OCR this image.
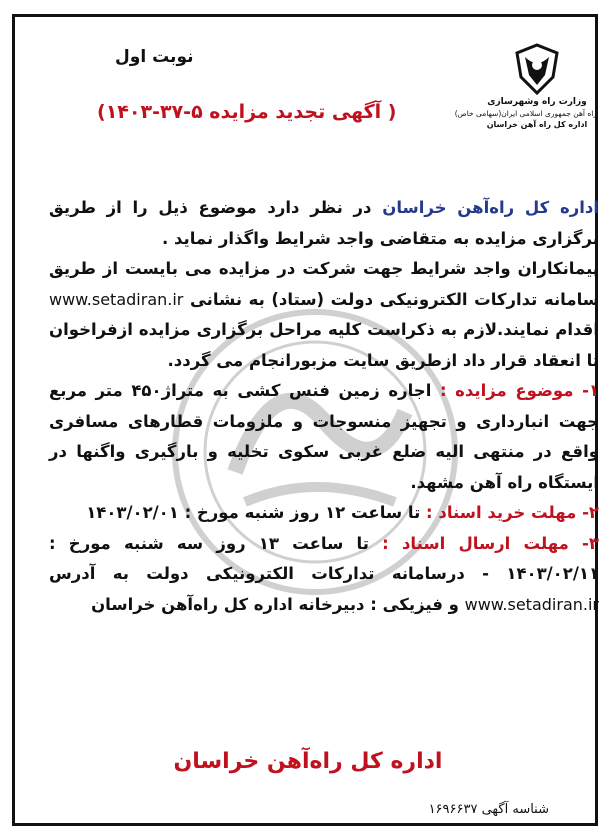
نوبت اول
( آگهی تجدید مزایده ۵-۳۷-۱۴۰۳)	وزارت راه وشهرسازی
راه آهن جمهوری اسلامی ایران(سهامی خاص)
اداره کل راه آهن خراسان

اداره کل راه‌آهن خراسان در نظر دارد موضوع ذیل را از طریق برگزاری مزایده به متقاضی واجد شرایط واگذار نماید .

پیمانکاران واجد شرایط جهت شرکت در مزایده می بایست از طریق سامانه تدارکات الکترونیکی دولت (ستاد) به نشانی www.setadiran.ir اقدام نمایند.لازم به ذکراست کلیه مراحل برگزاری مزایده ازفراخوان تا انعقاد قرار داد ازطریق سایت مزبورانجام می گردد.

۱- موضوع مزایده : اجاره زمین فنس کشی به متراژ۴۵۰ متر مربع جهت انبارداری و تجهیز منسوجات و ملزومات قطارهای مسافری واقع در منتهی الیه ضلع غربی سکوی تخلیه و بارگیری واگنها در ایستگاه راه آهن مشهد.

۲- مهلت خرید اسناد : تا ساعت ۱۲ روز شنبه مورخ : ۱۴۰۳/۰۲/۰۱

۳- مهلت ارسال اسناد : تا ساعت ۱۳ روز سه شنبه مورخ : ۱۴۰۳/۰۲/۱۱ - درسامانه تدارکات الکترونیکی دولت به آدرس www.setadiran.ir و فیزیکی : دبیرخانه اداره کل راه‌آهن خراسان

اداره کل راه‌آهن خراسان
شناسه آگهی ۱۶۹۶۶۳۷
